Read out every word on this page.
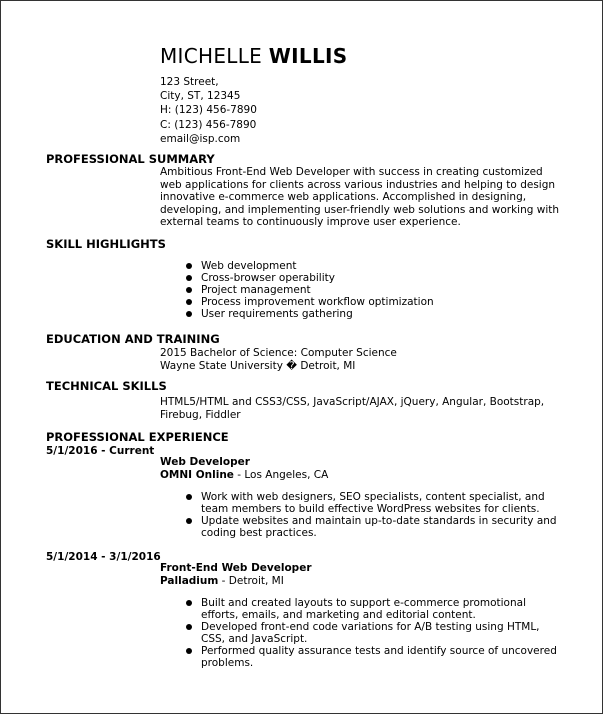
MICHELLE WILLIS
123 Street,
City, ST, 12345
H: (123) 456-7890
C: (123) 456-7890
email@isp.com
PROFESSIONAL SUMMARY
Ambitious Front-End Web Developer with success in creating customized web applications for clients across various industries and helping to design innovative e-commerce web applications. Accomplished in designing, developing, and implementing user-friendly web solutions and working with external teams to continuously improve user experience.
SKILL HIGHLIGHTS
Web development
Cross-browser operability
Project management
Process improvement workflow optimization
User requirements gathering
EDUCATION AND TRAINING
2015 Bachelor of Science: Computer Science
Wayne State University � Detroit, MI
TECHNICAL SKILLS
HTML5/HTML and CSS3/CSS, JavaScript/AJAX, jQuery, Angular, Bootstrap, Firebug, Fiddler
PROFESSIONAL EXPERIENCE
5/1/2016 - Current
Web Developer
OMNI Online - Los Angeles, CA
Work with web designers, SEO specialists, content specialist, and team members to build effective WordPress websites for clients.
Update websites and maintain up-to-date standards in security and coding best practices.
5/1/2014 - 3/1/2016
Front-End Web Developer
Palladium - Detroit, MI
Built and created layouts to support e-commerce promotional efforts, emails, and marketing and editorial content.
Developed front-end code variations for A/B testing using HTML, CSS, and JavaScript.
Performed quality assurance tests and identify source of uncovered problems.
